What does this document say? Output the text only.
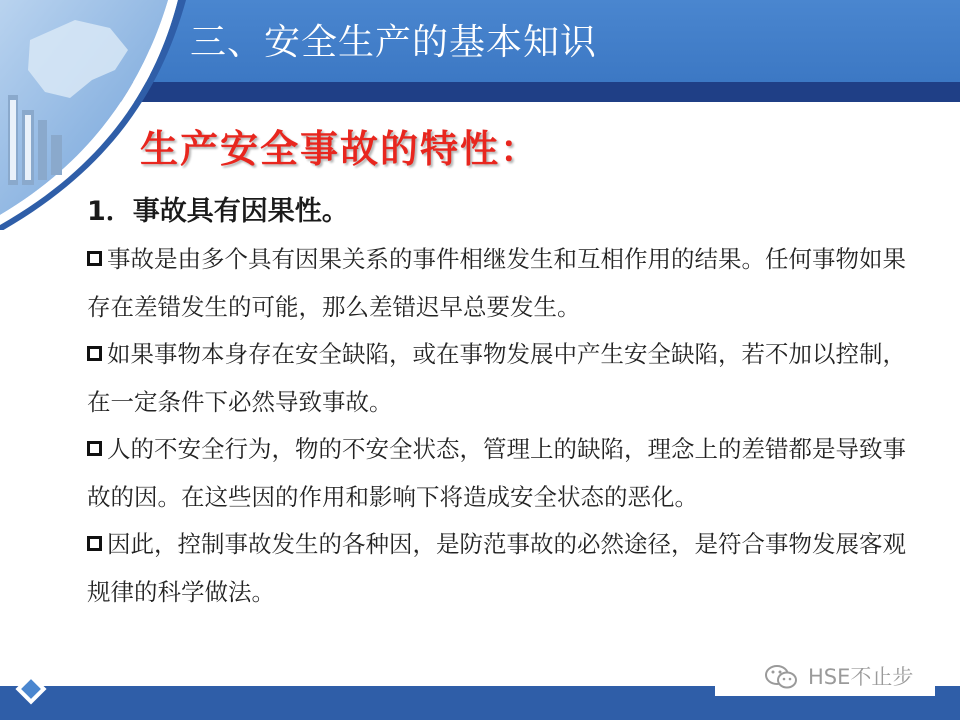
三、安全生产的基本知识
生产安全事故的特性：
1．事故具有因果性。
事故是由多个具有因果关系的事件相继发生和互相作用的结果。任何事物如果存在差错发生的可能，那么差错迟早总要发生。
如果事物本身存在安全缺陷，或在事物发展中产生安全缺陷，若不加以控制，在一定条件下必然导致事故。
人的不安全行为，物的不安全状态，管理上的缺陷，理念上的差错都是导致事故的因。在这些因的作用和影响下将造成安全状态的恶化。
因此，控制事故发生的各种因，是防范事故的必然途径，是符合事物发展客观规律的科学做法。
HSE不止步
